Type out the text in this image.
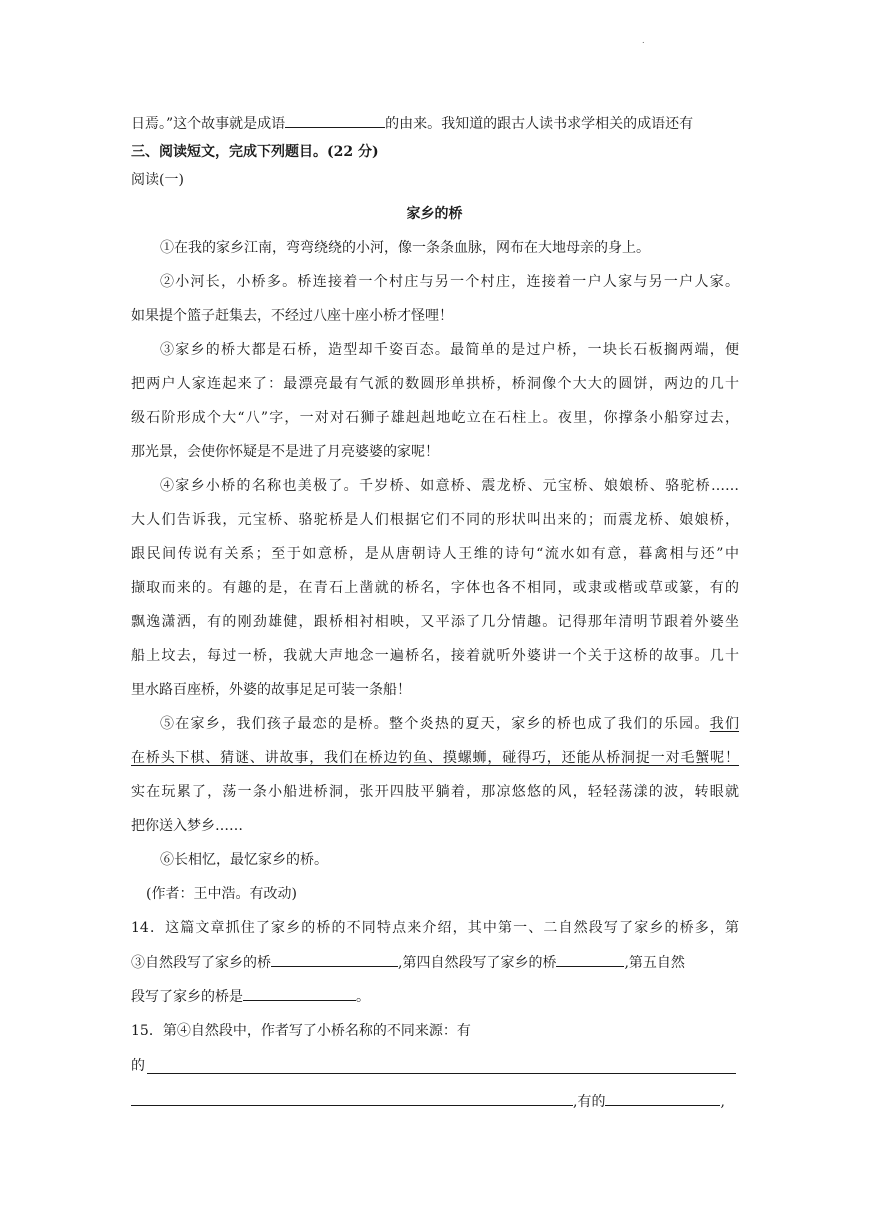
.
日焉。”这个故事就是成语	的由来。我知道的跟古人读书求学相关的成语还有
三、阅读短文，完成下列题目。(22 分)
阅读(一)
家乡的桥
①在我的家乡江南，弯弯绕绕的小河，像一条条血脉，网布在大地母亲的身上。
②小河长，小桥多。桥连接着一个村庄与另一个村庄，连接着一户人家与另一户人家。
如果提个篮子赶集去，不经过八座十座小桥才怪哩！
③家乡的桥大都是石桥，造型却千姿百态。最简单的是过户桥，一块长石板搁两端，便
把两户人家连起来了：最漂亮最有气派的数圆形单拱桥，桥洞像个大大的圆饼，两边的几十
级石阶形成个大“八”字，一对对石狮子雄赳赳地屹立在石柱上。夜里，你撑条小船穿过去，
那光景，会使你怀疑是不是进了月亮婆婆的家呢！
④家乡小桥的名称也美极了。千岁桥、如意桥、震龙桥、元宝桥、娘娘桥、骆驼桥……
大人们告诉我，元宝桥、骆驼桥是人们根据它们不同的形状叫出来的；而震龙桥、娘娘桥，
跟民间传说有关系；至于如意桥，是从唐朝诗人王维的诗句“流水如有意，暮禽相与还”中
撷取而来的。有趣的是，在青石上凿就的桥名，字体也各不相同，或隶或楷或草或篆，有的
飘逸潇洒，有的刚劲雄健，跟桥相衬相映，又平添了几分情趣。记得那年清明节跟着外婆坐
船上坟去，每过一桥，我就大声地念一遍桥名，接着就听外婆讲一个关于这桥的故事。几十
里水路百座桥，外婆的故事足足可装一条船！
⑤在家乡，我们孩子最恋的是桥。整个炎热的夏天，家乡的桥也成了我们的乐园。我们
在桥头下棋、猜谜、讲故事，我们在桥边钓鱼、摸螺蛳，碰得巧，还能从桥洞捉一对毛蟹呢！
实在玩累了，荡一条小船进桥洞，张开四肢平躺着，那凉悠悠的风，轻轻荡漾的波，转眼就
把你送入梦乡……
⑥长相忆，最忆家乡的桥。
(作者：王中浩。有改动)
14．这篇文章抓住了家乡的桥的不同特点来介绍，其中第一、二自然段写了家乡的桥多，第
③自然段写了家乡的桥	,第四自然段写了家乡的桥	,第五自然
段写了家乡的桥是	。
15．第④自然段中，作者写了小桥名称的不同来源：有
的
,有的	,
